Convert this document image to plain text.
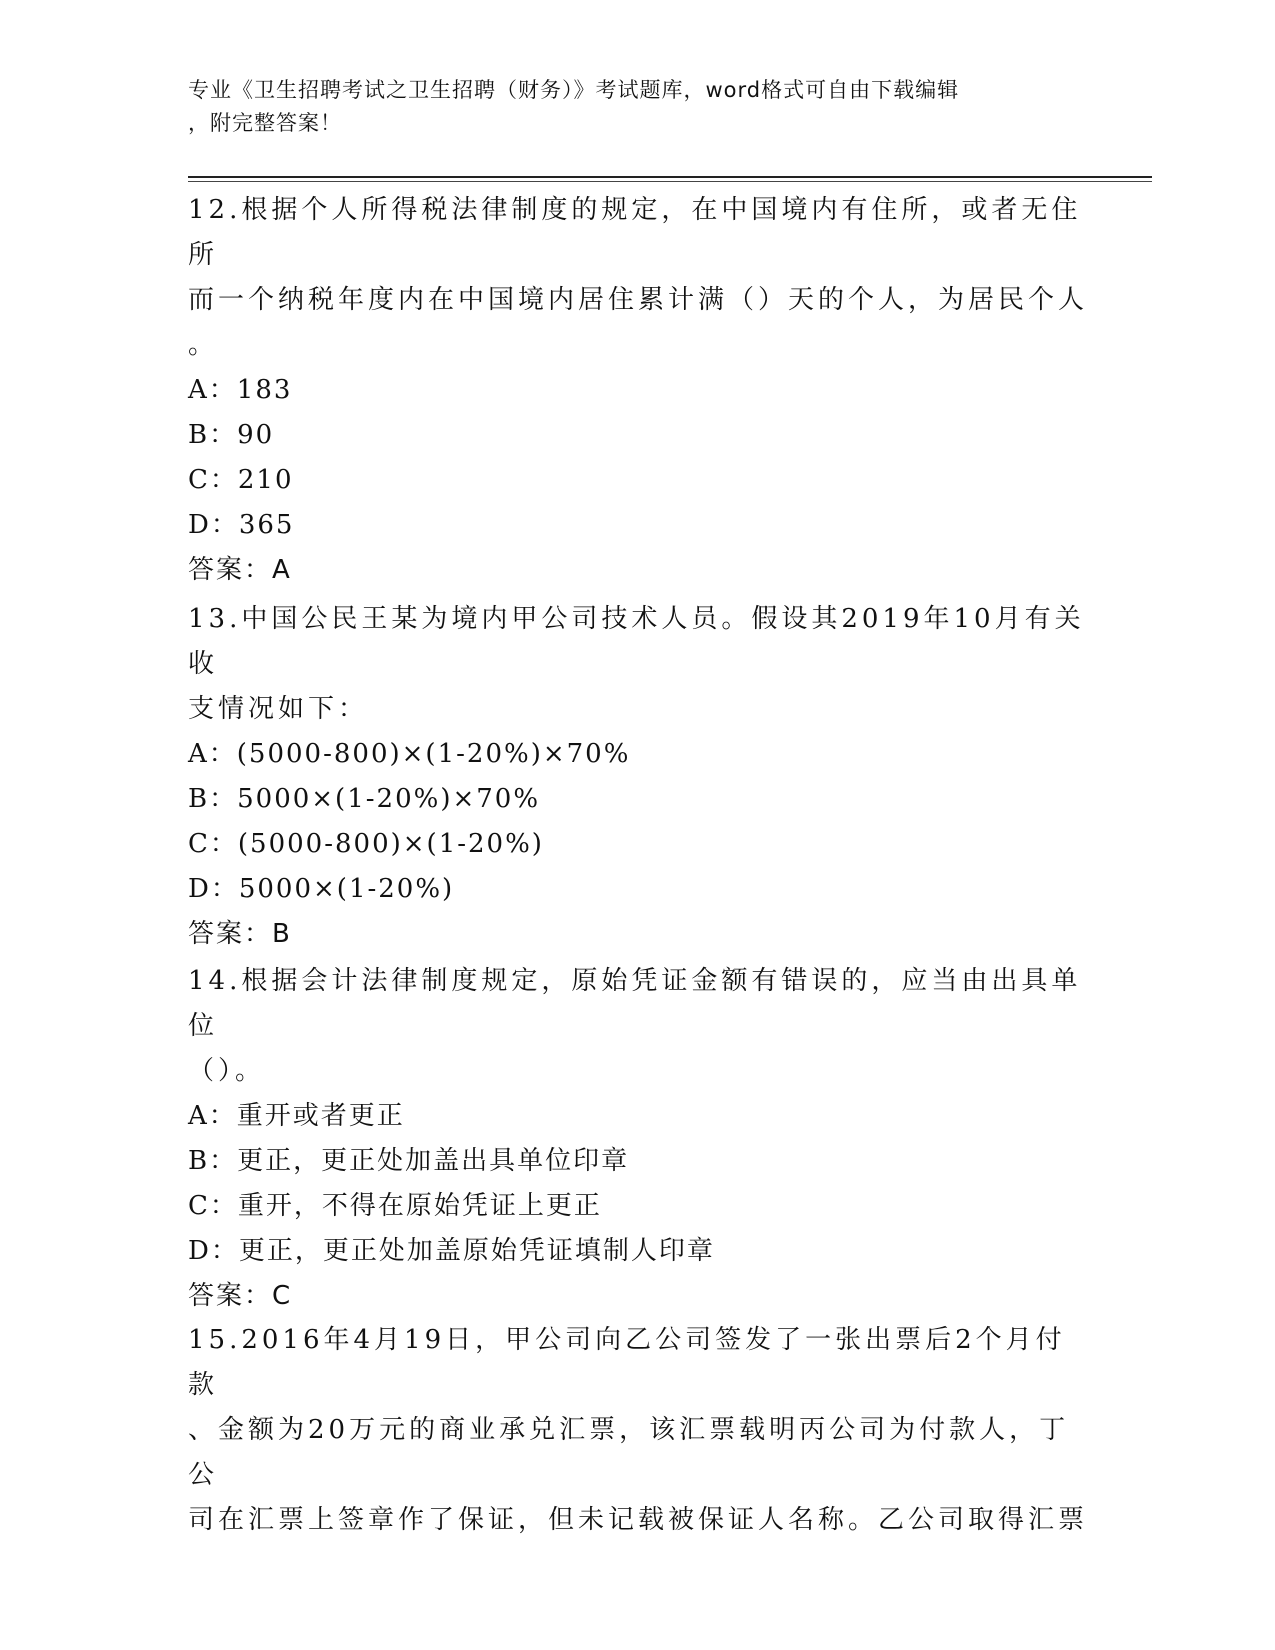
专业《卫生招聘考试之卫生招聘（财务）》考试题库，word格式可自由下载编辑
，附完整答案！

12.根据个人所得税法律制度的规定，在中国境内有住所，或者无住所

而一个纳税年度内在中国境内居住累计满（）天的个人，为居民个人

。

A：183

B：90

C：210

D：365

答案：A

13.中国公民王某为境内甲公司技术人员。假设其2019年10月有关收

支情况如下：

A：(5000-800)×(1-20%)×70%

B：5000×(1-20%)×70%

C：(5000-800)×(1-20%)

D：5000×(1-20%)

答案：B

14.根据会计法律制度规定，原始凭证金额有错误的，应当由出具单位

（）。

A：重开或者更正

B：更正，更正处加盖出具单位印章

C：重开，不得在原始凭证上更正

D：更正，更正处加盖原始凭证填制人印章

答案：C

15.2016年4月19日，甲公司向乙公司签发了一张出票后2个月付款

、金额为20万元的商业承兑汇票，该汇票载明丙公司为付款人，丁公

司在汇票上签章作了保证，但未记载被保证人名称。乙公司取得汇票
